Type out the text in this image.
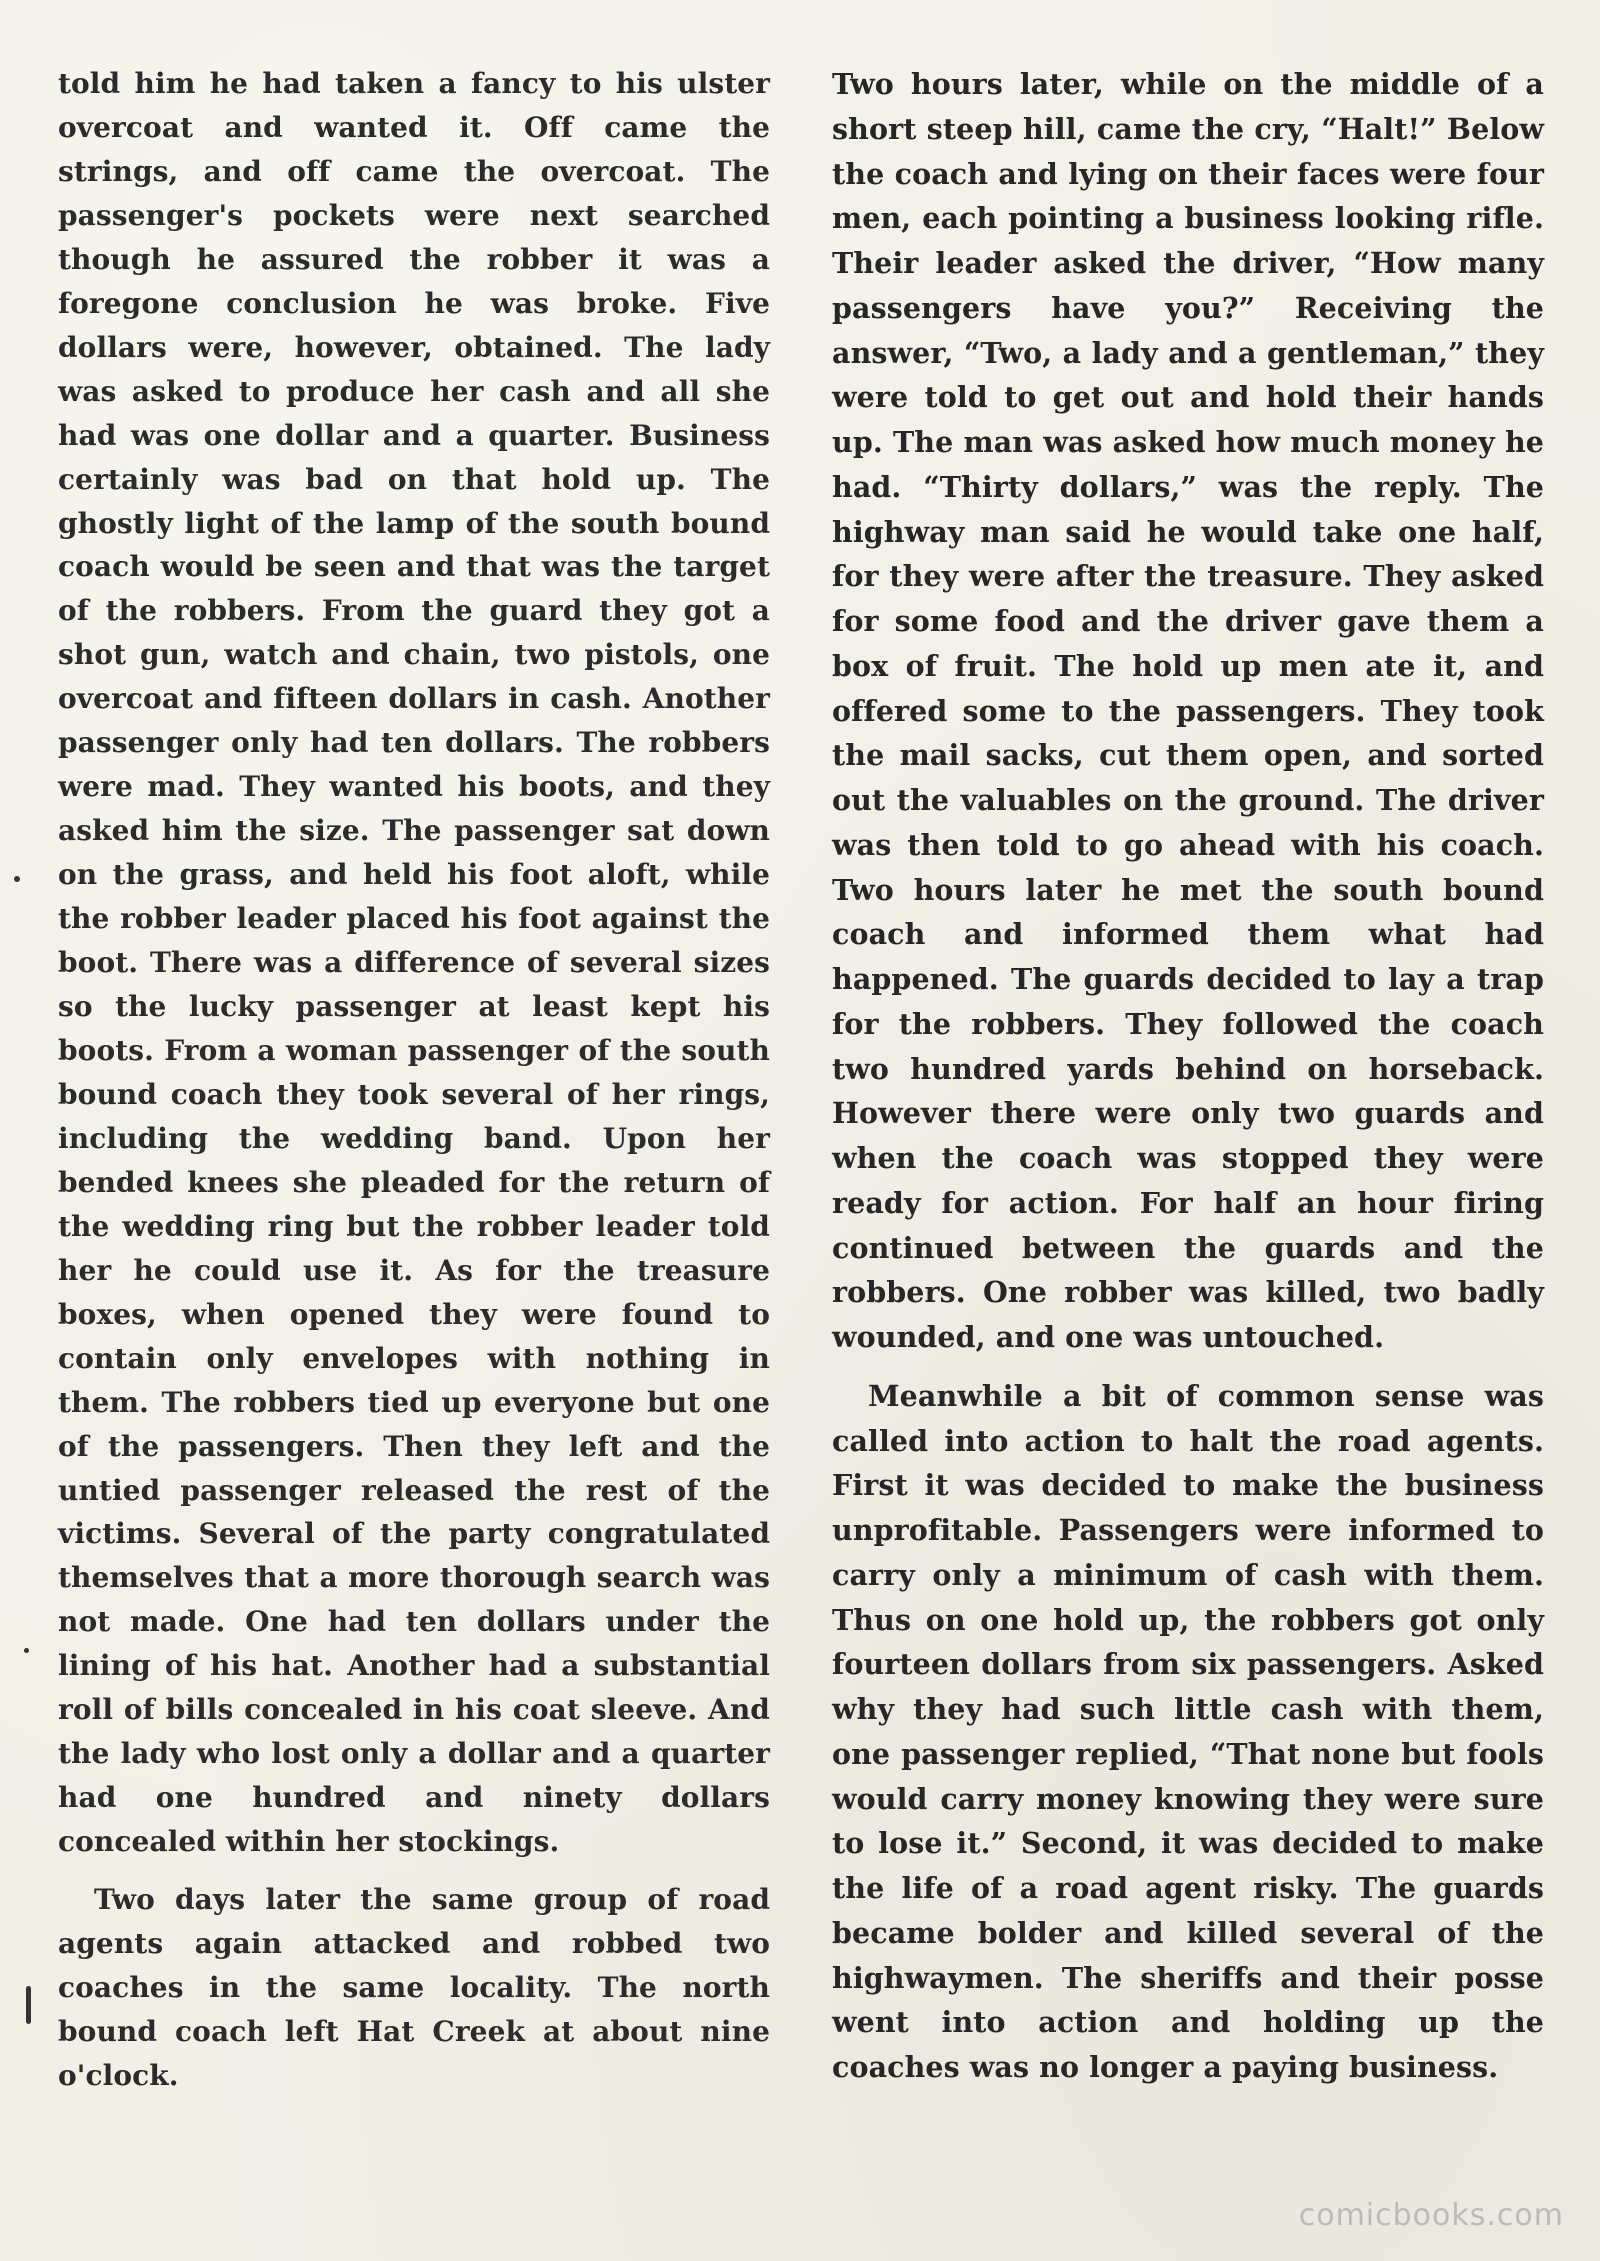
told him he had taken a fancy to his ulster overcoat and wanted it. Off came the strings, and off came the overcoat. The passenger's pockets were next searched though he assured the robber it was a foregone conclusion he was broke. Five dollars were, however, obtained. The lady was asked to produce her cash and all she had was one dollar and a quarter. Business certainly was bad on that hold up. The ghostly light of the lamp of the south bound coach would be seen and that was the target of the robbers. From the guard they got a shot gun, watch and chain, two pistols, one overcoat and fifteen dollars in cash. Another passenger only had ten dollars. The robbers were mad. They wanted his boots, and they asked him the size. The passenger sat down on the grass, and held his foot aloft, while the robber leader placed his foot against the boot. There was a difference of several sizes so the lucky passenger at least kept his boots. From a woman passenger of the south bound coach they took several of her rings, including the wedding band. Upon her bended knees she pleaded for the return of the wedding ring but the robber leader told her he could use it. As for the treasure boxes, when opened they were found to contain only envelopes with nothing in them. The robbers tied up everyone but one of the passengers. Then they left and the untied passenger released the rest of the victims. Several of the party congratulated themselves that a more thorough search was not made. One had ten dollars under the lining of his hat. Another had a substantial roll of bills concealed in his coat sleeve. And the lady who lost only a dollar and a quarter had one hundred and ninety dollars concealed within her stockings.

Two days later the same group of road agents again attacked and robbed two coaches in the same locality. The north bound coach left Hat Creek at about nine o'clock.

Two hours later, while on the middle of a short steep hill, came the cry, “Halt!” Below the coach and lying on their faces were four men, each pointing a business looking rifle. Their leader asked the driver, “How many passengers have you?” Receiving the answer, “Two, a lady and a gentleman,” they were told to get out and hold their hands up. The man was asked how much money he had. “Thirty dollars,” was the reply. The highway man said he would take one half, for they were after the treasure. They asked for some food and the driver gave them a box of fruit. The hold up men ate it, and offered some to the passengers. They took the mail sacks, cut them open, and sorted out the valuables on the ground. The driver was then told to go ahead with his coach. Two hours later he met the south bound coach and informed them what had happened. The guards decided to lay a trap for the robbers. They followed the coach two hundred yards behind on horseback. However there were only two guards and when the coach was stopped they were ready for action. For half an hour firing continued between the guards and the robbers. One robber was killed, two badly wounded, and one was untouched.

Meanwhile a bit of common sense was called into action to halt the road agents. First it was decided to make the business unprofitable. Passengers were informed to carry only a minimum of cash with them. Thus on one hold up, the robbers got only fourteen dollars from six passengers. Asked why they had such little cash with them, one passenger replied, “That none but fools would carry money knowing they were sure to lose it.” Second, it was decided to make the life of a road agent risky. The guards became bolder and killed several of the highwaymen. The sheriffs and their posse went into action and holding up the coaches was no longer a paying business.

comicbooks.com
